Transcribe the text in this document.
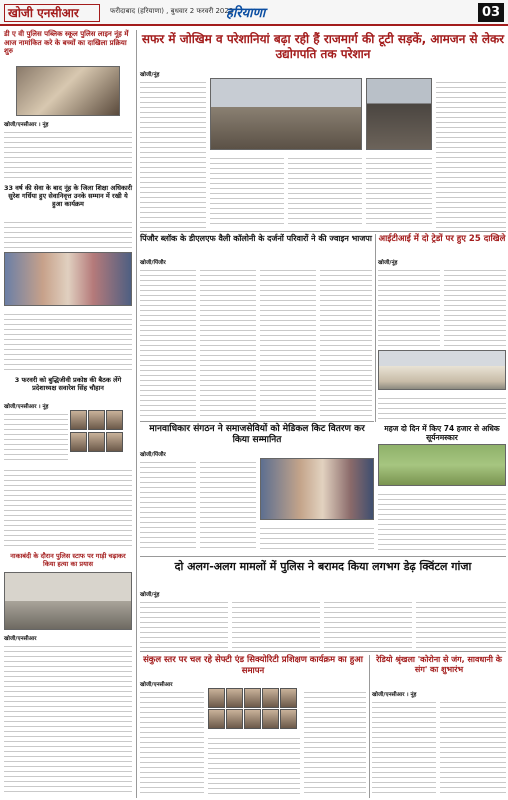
खोजी एनसीआर	फरीदाबाद (हरियाणा) , बुधवार 2 फरवरी 2022
हरियाणा	03
डी ए वी पुलिस पब्लिक स्कूल पुलिस लाइन नूंह में आज नामांकित करे के बच्चों का दाखिला प्रक्रिया शुरु
खोजी/एनसीआर । नूंह
33 वर्ष की सेवा के बाद नूंह के जिला शिक्षा अधिकारी सुरेश गर्धिया हुए सेवानिवृत्त उनके सम्मान में रखी ये हुआ कार्यक्रम
3 फरवरी को बुद्धिजीवी प्रकोष्ठ की बैठक लेंगे प्रदेशाध्यक्ष सवारेश सिंह चौहान
खोजी/एनसीआर । नूंह
नाकाबंदी के दौरान पुलिस स्टाफ पर गाड़ी चढ़ाकर किया हत्या का प्रयास
खोजी/एनसीआर
सफर में जोखिम व परेशानियां बढ़ा रही हैं राजमार्ग की टूटी सड़कें, आमजन से लेकर उद्योगपति तक परेशान
खोजी/नूंह
पिंजौर ब्लॉक के डीएलएफ वैली कॉलोनी के दर्जनों परिवारों ने की ज्वाइन भाजपा
खोजी/पिंजौर
आईटीआई में दो ट्रेडों पर हुए 25 दाखिले
खोजी/नूंह
महज दो दिन में किए 74 हजार से अधिक सूर्यनमस्कार
मानवाधिकार संगठन ने समाजसेवियों को मेडिकल किट वितरण कर किया सम्मानित
खोजी/पिंजौर
दो अलग-अलग मामलों में पुलिस ने बरामद किया लगभग डेढ़ क्विंटल गांजा
खोजी/नूंह
संकुल स्तर पर चल रहे सेफ्टी एंड सिक्योरिटी प्रशिक्षण कार्यक्रम का हुआ समापन
खोजी/एनसीआर
रेडियो श्रृंखला 'कोरोना से जंग, सावधानी के संग' का शुभारंभ
खोजी/एनसीआर । नूंह
